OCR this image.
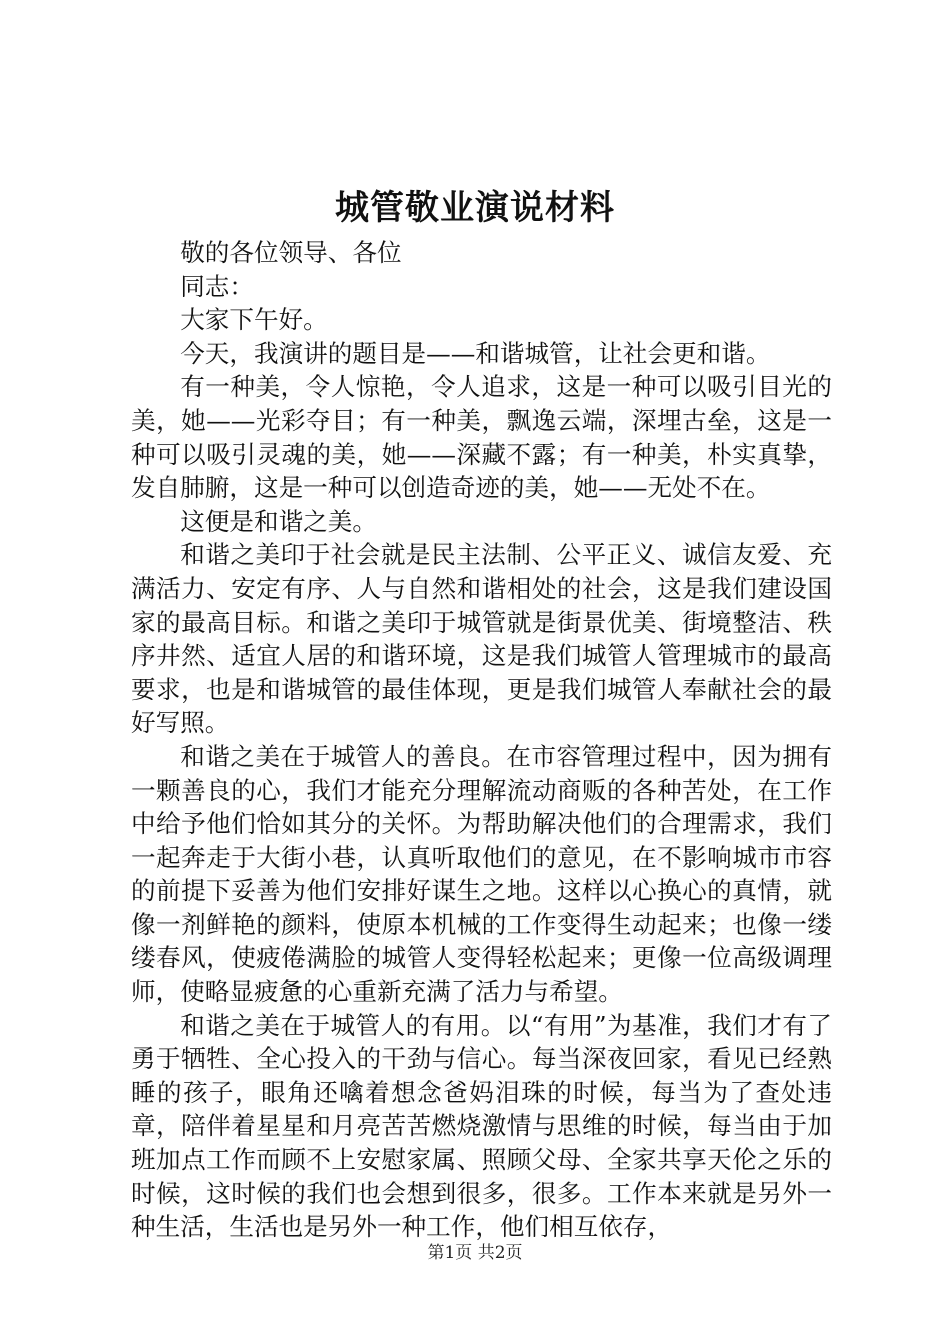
城管敬业演说材料

敬的各位领导、各位

同志：

大家下午好。

今天，我演讲的题目是——和谐城管，让社会更和谐。

有一种美，令人惊艳，令人追求，这是一种可以吸引目光的美，她——光彩夺目；有一种美，飘逸云端，深埋古垒，这是一种可以吸引灵魂的美，她——深藏不露；有一种美，朴实真挚，发自肺腑，这是一种可以创造奇迹的美，她——无处不在。

这便是和谐之美。

和谐之美印于社会就是民主法制、公平正义、诚信友爱、充满活力、安定有序、人与自然和谐相处的社会，这是我们建设国家的最高目标。和谐之美印于城管就是街景优美、街境整洁、秩序井然、适宜人居的和谐环境，这是我们城管人管理城市的最高要求，也是和谐城管的最佳体现，更是我们城管人奉献社会的最好写照。

和谐之美在于城管人的善良。在市容管理过程中，因为拥有一颗善良的心，我们才能充分理解流动商贩的各种苦处，在工作中给予他们恰如其分的关怀。为帮助解决他们的合理需求，我们一起奔走于大街小巷，认真听取他们的意见，在不影响城市市容的前提下妥善为他们安排好谋生之地。这样以心换心的真情，就像一剂鲜艳的颜料，使原本机械的工作变得生动起来；也像一缕缕春风，使疲倦满脸的城管人变得轻松起来；更像一位高级调理师，使略显疲惫的心重新充满了活力与希望。

和谐之美在于城管人的有用。以“有用”为基准，我们才有了勇于牺牲、全心投入的干劲与信心。每当深夜回家，看见已经熟睡的孩子，眼角还噙着想念爸妈泪珠的时候，每当为了查处违章，陪伴着星星和月亮苦苦燃烧激情与思维的时候，每当由于加班加点工作而顾不上安慰家属、照顾父母、全家共享天伦之乐的时候，这时候的我们也会想到很多，很多。工作本来就是另外一种生活，生活也是另外一种工作，他们相互依存，

第1页 共2页
